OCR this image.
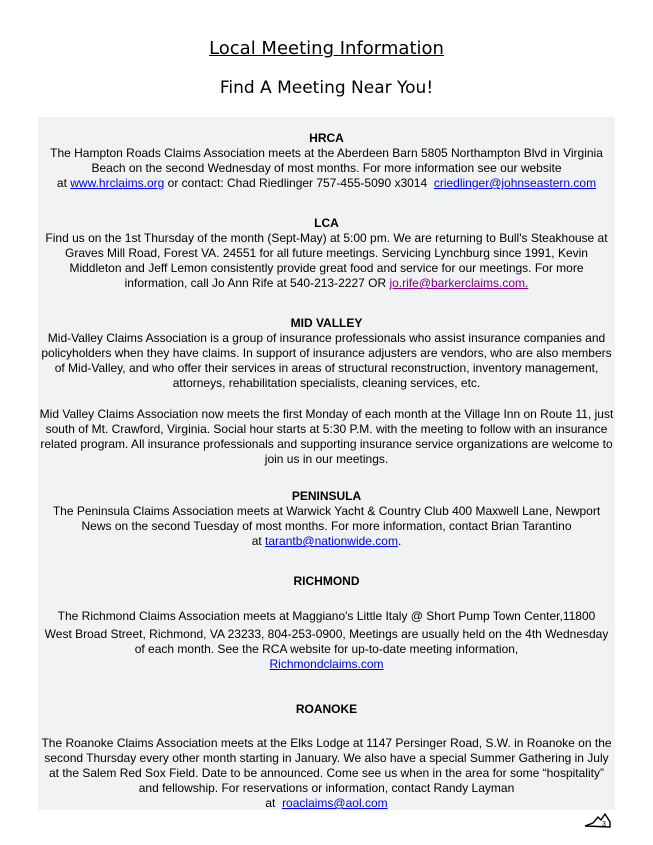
Local Meeting Information
Find A Meeting Near You!
HRCA
The Hampton Roads Claims Association meets at the Aberdeen Barn 5805 Northampton Blvd in Virginia Beach on the second Wednesday of most months. For more information see our website
at www.hrclaims.org or contact: Chad Riedlinger 757-455-5090 x3014 criedlinger@johnseastern.com
LCA
Find us on the 1st Thursday of the month (Sept-May) at 5:00 pm. We are returning to Bull's Steakhouse at Graves Mill Road, Forest VA. 24551 for all future meetings. Servicing Lynchburg since 1991, Kevin Middleton and Jeff Lemon consistently provide great food and service for our meetings. For more information, call Jo Ann Rife at 540-213-2227 OR jo.rife@barkerclaims.com.
MID VALLEY
Mid-Valley Claims Association is a group of insurance professionals who assist insurance companies and policyholders when they have claims. In support of insurance adjusters are vendors, who are also members of Mid-Valley, and who offer their services in areas of structural reconstruction, inventory management, attorneys, rehabilitation specialists, cleaning services, etc.
Mid Valley Claims Association now meets the first Monday of each month at the Village Inn on Route 11, just south of Mt. Crawford, Virginia. Social hour starts at 5:30 P.M. with the meeting to follow with an insurance related program. All insurance professionals and supporting insurance service organizations are welcome to join us in our meetings.
PENINSULA
The Peninsula Claims Association meets at Warwick Yacht & Country Club 400 Maxwell Lane, Newport News on the second Tuesday of most months. For more information, contact Brian Tarantino
at tarantb@nationwide.com.
RICHMOND
The Richmond Claims Association meets at Maggiano's Little Italy @ Short Pump Town Center,11800
West Broad Street, Richmond, VA 23233, 804-253-0900, Meetings are usually held on the 4th Wednesday of each month. See the RCA website for up-to-date meeting information,
Richmondclaims.com
ROANOKE
The Roanoke Claims Association meets at the Elks Lodge at 1147 Persinger Road, S.W. in Roanoke on the second Thursday every other month starting in January. We also have a special Summer Gathering in July at the Salem Red Sox Field. Date to be announced. Come see us when in the area for some “hospitality” and fellowship. For reservations or information, contact Randy Layman
at roaclaims@aol.com
3
